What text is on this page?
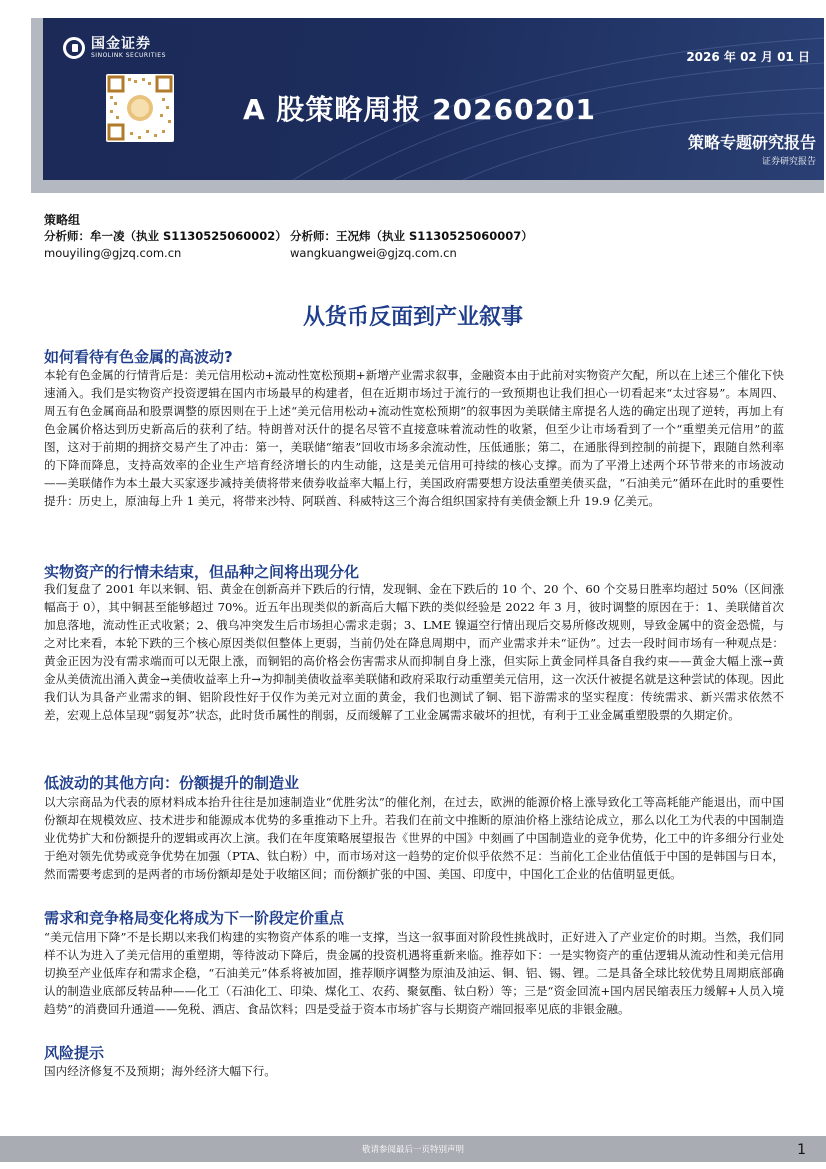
国金证券
SINOLINK SECURITIES	2026 年 02 月 01 日
A 股策略周报 20260201
策略专题研究报告
证券研究报告
策略组
分析师：牟一凌（执业 S1130525060002）
mouyiling@gjzq.com.cn
分析师：王况炜（执业 S1130525060007）
wangkuangwei@gjzq.com.cn
从货币反面到产业叙事
如何看待有色金属的高波动?

本轮有色金属的行情背后是：美元信用松动+流动性宽松预期+新增产业需求叙事，金融资本由于此前对实物资产欠配，所以在上述三个催化下快速涌入。我们是实物资产投资逻辑在国内市场最早的构建者，但在近期市场过于流行的一致预期也让我们担心一切看起来“太过容易”。本周四、周五有色金属商品和股票调整的原因则在于上述“美元信用松动+流动性宽松预期”的叙事因为美联储主席提名人选的确定出现了逆转，再加上有色金属价格达到历史新高后的获利了结。特朗普对沃什的提名尽管不直接意味着流动性的收紧，但至少让市场看到了一个“重塑美元信用”的蓝图，这对于前期的拥挤交易产生了冲击：第一，美联储“缩表”回收市场多余流动性，压低通胀；第二，在通胀得到控制的前提下，跟随自然利率的下降而降息，支持高效率的企业生产培育经济增长的内生动能，这是美元信用可持续的核心支撑。而为了平滑上述两个环节带来的市场波动——美联储作为本土最大买家逐步减持美债将带来债券收益率大幅上行，美国政府需要想方设法重塑美债买盘，“石油美元”循环在此时的重要性提升：历史上，原油每上升 1 美元，将带来沙特、阿联酋、科威特这三个海合组织国家持有美债金额上升 19.9 亿美元。

实物资产的行情未结束，但品种之间将出现分化

我们复盘了 2001 年以来铜、铝、黄金在创新高并下跌后的行情，发现铜、金在下跌后的 10 个、20 个、60 个交易日胜率均超过 50%（区间涨幅高于 0），其中铜甚至能够超过 70%。近五年出现类似的新高后大幅下跌的类似经验是 2022 年 3 月，彼时调整的原因在于：1、美联储首次加息落地，流动性正式收紧；2、俄乌冲突发生后市场担心需求走弱；3、LME 镍逼空行情出现后交易所修改规则，导致金属中的资金恐慌，与之对比来看，本轮下跌的三个核心原因类似但整体上更弱，当前仍处在降息周期中，而产业需求并未“证伪”。过去一段时间市场有一种观点是：黄金正因为没有需求端而可以无限上涨，而铜铝的高价格会伤害需求从而抑制自身上涨，但实际上黄金同样具备自我约束——黄金大幅上涨→黄金从美债流出涌入黄金→美债收益率上升→为抑制美债收益率美联储和政府采取行动重塑美元信用，这一次沃什被提名就是这种尝试的体现。因此我们认为具备产业需求的铜、铝阶段性好于仅作为美元对立面的黄金，我们也测试了铜、铝下游需求的坚实程度：传统需求、新兴需求依然不差，宏观上总体呈现“弱复苏”状态，此时货币属性的削弱，反而缓解了工业金属需求破坏的担忧，有利于工业金属重塑股票的久期定价。

低波动的其他方向：份额提升的制造业

以大宗商品为代表的原材料成本抬升往往是加速制造业“优胜劣汰”的催化剂，在过去，欧洲的能源价格上涨导致化工等高耗能产能退出，而中国份额却在规模效应、技术进步和能源成本优势的多重推动下上升。若我们在前文中推断的原油价格上涨结论成立，那么以化工为代表的中国制造业优势扩大和份额提升的逻辑或再次上演。我们在年度策略展望报告《世界的中国》中刻画了中国制造业的竞争优势，化工中的许多细分行业处于绝对领先优势或竞争优势在加强（PTA、钛白粉）中，而市场对这一趋势的定价似乎依然不足：当前化工企业估值低于中国的是韩国与日本，然而需要考虑到的是两者的市场份额却是处于收缩区间；而份额扩张的中国、美国、印度中，中国化工企业的估值明显更低。

需求和竞争格局变化将成为下一阶段定价重点

“美元信用下降”不是长期以来我们构建的实物资产体系的唯一支撑，当这一叙事面对阶段性挑战时，正好进入了产业定价的时期。当然，我们同样不认为进入了美元信用的重塑期，等待波动下降后，贵金属的投资机遇将重新来临。推荐如下：一是实物资产的重估逻辑从流动性和美元信用切换至产业低库存和需求企稳，“石油美元”体系将被加固，推荐顺序调整为原油及油运、铜、铝、锡、锂。二是具备全球比较优势且周期底部确认的制造业底部反转品种——化工（石油化工、印染、煤化工、农药、聚氨酯、钛白粉）等；三是“资金回流+国内居民缩表压力缓解+人员入境趋势”的消费回升通道——免税、酒店、食品饮料；四是受益于资本市场扩容与长期资产端回报率见底的非银金融。

风险提示

国内经济修复不及预期；海外经济大幅下行。

敬请参阅最后一页特别声明	1
